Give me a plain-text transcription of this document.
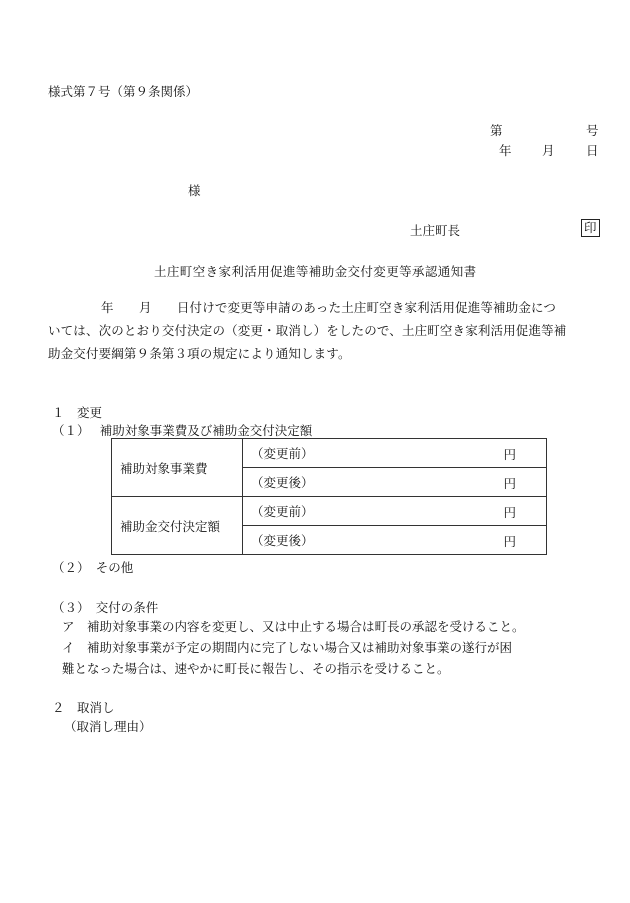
様式第７号（第９条関係）
第	号
年 月	日
様
土庄町長	印
土庄町空き家利活用促進等補助金交付変更等承認通知書
年　　月　　日付けで変更等申請のあった土庄町空き家利活用促進等補助金につ
いては、次のとおり交付決定の（変更・取消し）をしたので、土庄町空き家利活用促進等補
助金交付要綱第９条第３項の規定により通知します。
１　変更
（１）　 補助対象事業費及び補助金交付決定額
補助対象事業費	（変更前） 円

	（変更後） 円

補助金交付決定額	（変更前） 円

	（変更後） 円
（２）　その他
（３）　交付の条件
ア　補助対象事業の内容を変更し、又は中止する場合は町長の承認を受けること。
イ　補助対象事業が予定の期間内に完了しない場合又は補助対象事業の遂行が困
難となった場合は、速やかに町長に報告し、その指示を受けること。
２　取消し
（取消し理由）
